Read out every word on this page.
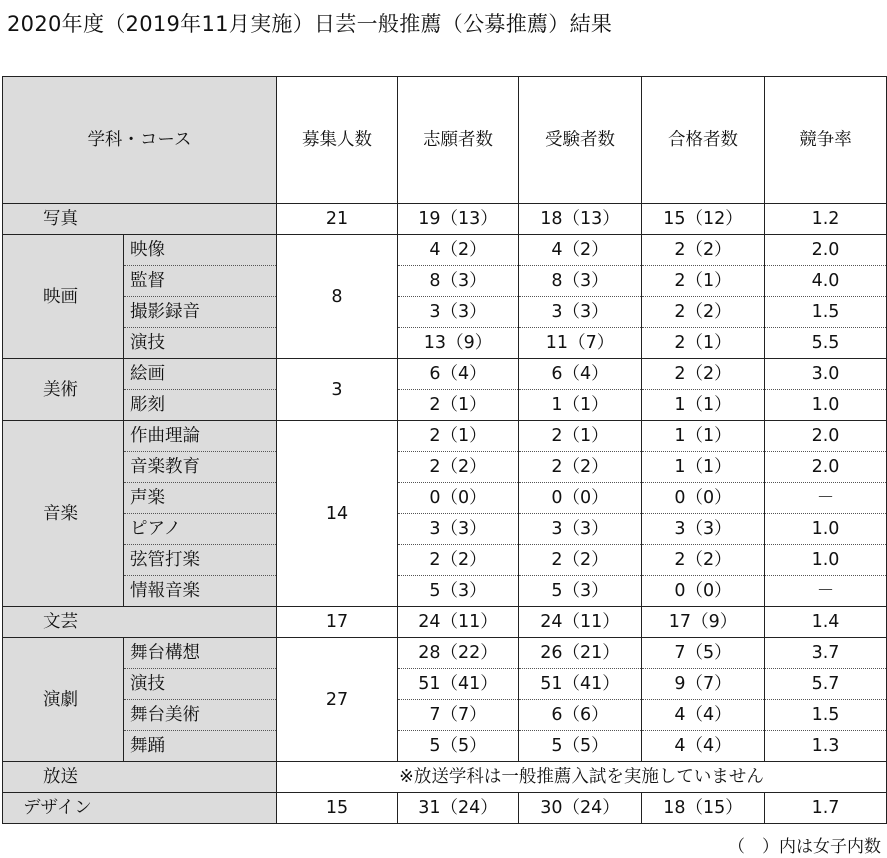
2020年度（2019年11月実施）日芸一般推薦（公募推薦）結果
学科・コース		募集人数	志願者数	受験者数	合格者数	競争率
写真		21	19（13）	18（13）	15（12）	1.2
映画	映像	8	4（2）	4（2）	2（2）	2.0
	監督		8（3）	8（3）	2（1）	4.0
	撮影録音		3（3）	3（3）	2（2）	1.5
	演技		13（9）	11（7）	2（1）	5.5
美術	絵画	3	6（4）	6（4）	2（2）	3.0
	彫刻		2（1）	1（1）	1（1）	1.0
音楽	作曲理論	14	2（1）	2（1）	1（1）	2.0
	音楽教育		2（2）	2（2）	1（1）	2.0
	声楽		0（0）	0（0）	0（0）	－
	ピアノ		3（3）	3（3）	3（3）	1.0
	弦管打楽		2（2）	2（2）	2（2）	1.0
	情報音楽		5（3）	5（3）	0（0）	－
文芸		17	24（11）	24（11）	17（9）	1.4
演劇	舞台構想	27	28（22）	26（21）	7（5）	3.7
	演技		51（41）	51（41）	9（7）	5.7
	舞台美術		7（7）	6（6）	4（4）	1.5
	舞踊		5（5）	5（5）	4（4）	1.3
放送		※放送学科は一般推薦入試を実施していません				
デザイン		15	31（24）	30（24）	18（15）	1.7
（　）内は女子内数
